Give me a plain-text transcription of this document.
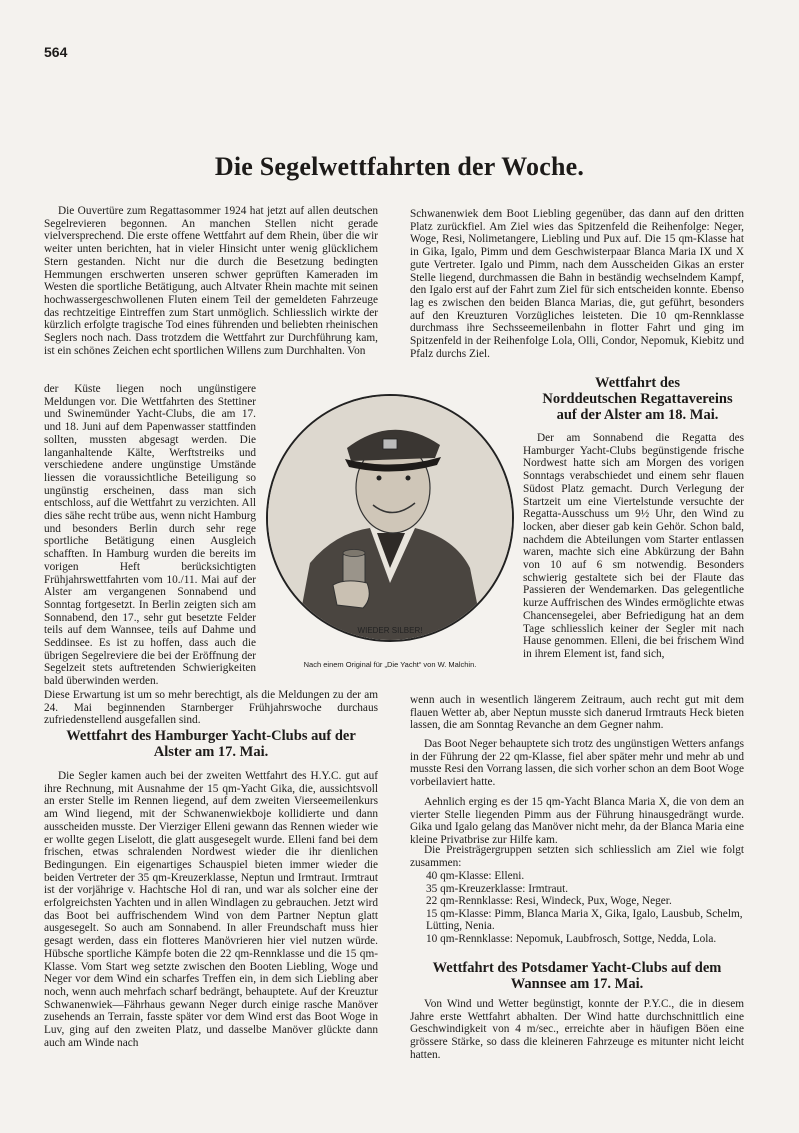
564
Die Segelwettfahrten der Woche.
Die Ouvertüre zum Regattasommer 1924 hat jetzt auf allen deutschen Segelrevieren begonnen. An manchen Stellen nicht gerade vielversprechend. Die erste offene Wettfahrt auf dem Rhein, über die wir weiter unten berichten, hat in vieler Hinsicht unter wenig glücklichem Stern gestanden. Nicht nur die durch die Besetzung bedingten Hemmungen erschwerten unseren schwer geprüften Kameraden im Westen die sportliche Betätigung, auch Altvater Rhein machte mit seinen hochwassergeschwollenen Fluten einem Teil der gemeldeten Fahrzeuge das rechtzeitige Eintreffen zum Start unmöglich. Schliesslich wirkte der kürzlich erfolgte tragische Tod eines führenden und beliebten rheinischen Seglers noch nach. Dass trotzdem die Wettfahrt zur Durchführung kam, ist ein schönes Zeichen echt sportlichen Willens zum Durchhalten. Von
der Küste liegen noch ungünstigere Meldungen vor. Die Wettfahrten des Stettiner und Swinemünder Yacht-Clubs, die am 17. und 18. Juni auf dem Papenwasser stattfinden sollten, mussten abgesagt werden. Die langanhaltende Kälte, Werftstreiks und verschiedene andere ungünstige Umstände liessen die voraussichtliche Beteiligung so ungünstig erscheinen, dass man sich entschloss, auf die Wettfahrt zu verzichten. All dies sähe recht trübe aus, wenn nicht Hamburg und besonders Berlin durch sehr rege sportliche Betätigung einen Ausgleich schafften. In Hamburg wurden die bereits im vorigen Heft berücksichtigten Frühjahrswettfahrten vom 10./11. Mai auf der Alster am vergangenen Sonnabend und Sonntag fortgesetzt. In Berlin zeigten sich am Sonnabend, den 17., sehr gut besetzte Felder teils auf dem Wannsee, teils auf Dahme und Seddinsee. Es ist zu hoffen, dass auch die übrigen Segelreviere die bei der Eröffnung der Segelzeit stets auftretenden Schwierigkeiten bald überwinden werden.
Diese Erwartung ist um so mehr berechtigt, als die Meldungen zu der am 24. Mai beginnenden Starnberger Frühjahrswoche durchaus zufriedenstellend ausgefallen sind.
Wettfahrt des Hamburger Yacht-Clubs auf der
Alster am 17. Mai.
Die Segler kamen auch bei der zweiten Wettfahrt des H.Y.C. gut auf ihre Rechnung, mit Ausnahme der 15 qm-Yacht Gika, die, aussichtsvoll an erster Stelle im Rennen liegend, auf dem zweiten Vierseemeilenkurs am Wind liegend, mit der Schwanenwiekboje kollidierte und dann ausscheiden musste. Der Vierziger Elleni gewann das Rennen wieder wie er wollte gegen Liselott, die glatt ausgesegelt wurde. Elleni fand bei dem frischen, etwas schralenden Nordwest wieder die ihr dienlichen Bedingungen. Ein eigenartiges Schauspiel bieten immer wieder die beiden Vertreter der 35 qm-Kreuzerklasse, Neptun und Irmtraut. Irmtraut ist der vorjährige v. Hachtsche Hol di ran, und war als solcher eine der erfolgreichsten Yachten und in allen Windlagen zu gebrauchen. Jetzt wird das Boot bei auffrischendem Wind von dem Partner Neptun glatt ausgesegelt. So auch am Sonnabend. In aller Freundschaft muss hier gesagt werden, dass ein flotteres Manövrieren hier viel nutzen würde. Hübsche sportliche Kämpfe boten die 22 qm-Rennklasse und die 15 qm-Klasse. Vom Start weg setzte zwischen den Booten Liebling, Woge und Neger vor dem Wind ein scharfes Treffen ein, in dem sich Liebling aber noch, wenn auch mehrfach scharf bedrängt, behauptete. Auf der Kreuztur Schwanenwiek—Fährhaus gewann Neger durch einige rasche Manöver zusehends an Terrain, fasste später vor dem Wind erst das Boot Woge in Luv, ging auf den zweiten Platz, und dasselbe Manöver glückte dann auch am Winde nach
Schwanenwiek dem Boot Liebling gegenüber, das dann auf den dritten Platz zurückfiel. Am Ziel wies das Spitzenfeld die Reihenfolge: Neger, Woge, Resi, Nolimetangere, Liebling und Pux auf. Die 15 qm-Klasse hat in Gika, Igalo, Pimm und dem Geschwisterpaar Blanca Maria IX und X gute Vertreter. Igalo und Pimm, nach dem Ausscheiden Gikas an erster Stelle liegend, durchmassen die Bahn in beständig wechselndem Kampf, den Igalo erst auf der Fahrt zum Ziel für sich entscheiden konnte. Ebenso lag es zwischen den beiden Blanca Marias, die, gut geführt, besonders auf den Kreuzturen Vorzügliches leisteten. Die 10 qm-Rennklasse durchmass ihre Sechsseemeilenbahn in flotter Fahrt und ging im Spitzenfeld in der Reihenfolge Lola, Olli, Condor, Nepomuk, Kiebitz und Pfalz durchs Ziel.
Wettfahrt des
Norddeutschen Regattavereins
auf der Alster am 18. Mai.
Der am Sonnabend die Regatta des Hamburger Yacht-Clubs begünstigende frische Nordwest hatte sich am Morgen des vorigen Sonntags verabschiedet und einem sehr flauen Südost Platz gemacht. Durch Verlegung der Startzeit um eine Viertelstunde versuchte der Regatta-Ausschuss um 9½ Uhr, den Wind zu locken, aber dieser gab kein Gehör. Schon bald, nachdem die Abteilungen vom Starter entlassen waren, machte sich eine Abkürzung der Bahn von 10 auf 6 sm notwendig. Besonders schwierig gestaltete sich bei der Flaute das Passieren der Wendemarken. Das gelegentliche kurze Auffrischen des Windes ermöglichte etwas Chancensegelei, aber Befriedigung hat an dem Tage schliesslich keiner der Segler mit nach Hause genommen. Elleni, die bei frischem Wind in ihrem Element ist, fand sich,
wenn auch in wesentlich längerem Zeitraum, auch recht gut mit dem flauen Wetter ab, aber Neptun musste sich danerud Irmtrauts Heck bieten lassen, die am Sonntag Revanche an dem Gegner nahm.
Das Boot Neger behauptete sich trotz des ungünstigen Wetters anfangs in der Führung der 22 qm-Klasse, fiel aber später mehr und mehr ab und musste Resi den Vorrang lassen, die sich vorher schon an dem Boot Woge vorbeilaviert hatte.
Aehnlich erging es der 15 qm-Yacht Blanca Maria X, die von dem an vierter Stelle liegenden Pimm aus der Führung hinausgedrängt wurde. Gika und Igalo gelang das Manöver nicht mehr, da der Blanca Maria eine kleine Privatbrise zur Hilfe kam.
Die Preisträgergruppen setzten sich schliesslich am Ziel wie folgt zusammen:
40 qm-Klasse: Elleni.
35 qm-Kreuzerklasse: Irmtraut.
22 qm-Rennklasse: Resi, Windeck, Pux, Woge, Neger.
15 qm-Klasse: Pimm, Blanca Maria X, Gika, Igalo, Lausbub, Schelm, Lütting, Nenia.
10 qm-Rennklasse: Nepomuk, Laubfrosch, Sottge, Nedda, Lola.
Wettfahrt des Potsdamer Yacht-Clubs auf dem
Wannsee am 17. Mai.
Von Wind und Wetter begünstigt, konnte der P.Y.C., die in diesem Jahre erste Wettfahrt abhalten. Der Wind hatte durchschnittlich eine Geschwindigkeit von 4 m/sec., erreichte aber in häufigen Böen eine grössere Stärke, so dass die kleineren Fahrzeuge es mitunter nicht leicht hatten.
WIEDER SILBER!
Nach einem Original für „Die Yacht“ von W. Malchin.
